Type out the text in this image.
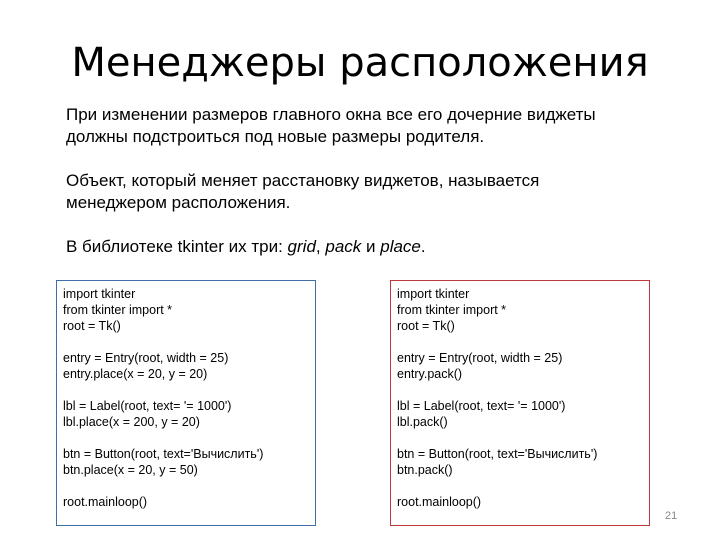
Менеджеры расположения

При изменении размеров главного окна все его дочерние виджеты

должны подстроиться под новые размеры родителя.

Объект, который меняет расстановку виджетов, называется

менеджером расположения.

В библиотеке tkinter их три: grid, pack и place.

import tkinter
from tkinter import *
root = Tk()
entry = Entry(root, width = 25)
entry.place(x = 20, y = 20)
lbl = Label(root, text= '= 1000')
lbl.place(x = 200, y = 20)
btn = Button(root, text='Вычислить')
btn.place(x = 20, y = 50)
root.mainloop()
import tkinter
from tkinter import *
root = Tk()
entry = Entry(root, width = 25)
entry.pack()
lbl = Label(root, text= '= 1000')
lbl.pack()
btn = Button(root, text='Вычислить')
btn.pack()
root.mainloop()
21
